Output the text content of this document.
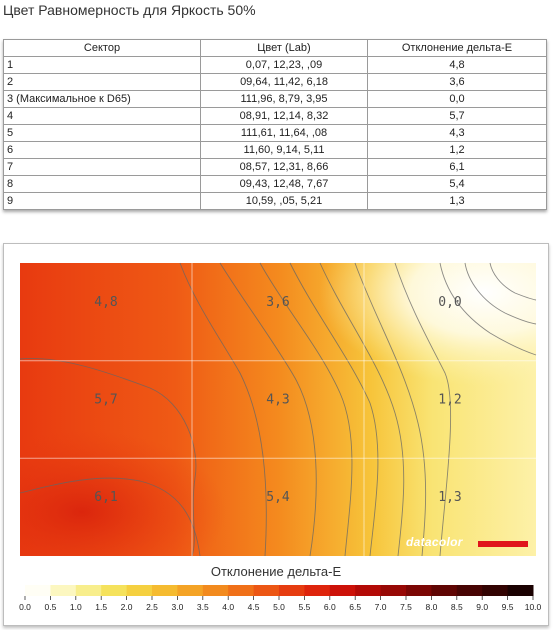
Цвет Равномерность для Яркость 50%
Сектор	Цвет (Lab)	Отклонение дельта-E
1	0,07, 12,23, ,09	4,8
2	09,64, 11,42, 6,18	3,6
3 (Максимальное к D65)	111,96, 8,79, 3,95	0,0
4	08,91, 12,14, 8,32	5,7
5	111,61, 11,64, ,08	4,3
6	11,60, 9,14, 5,11	1,2
7	08,57, 12,31, 8,66	6,1
8	09,43, 12,48, 7,67	5,4
9	10,59, ,05, 5,21	1,3
4,8	3,6	0,0
5,7	4,3	1,2
6,1	5,4	1,3
datacolor
Отклонение дельта-E
0.0 0.5 1.0 1.5 2.0 2.5 3.0 3.5 4.0 4.5 5.0 5.5 6.0 6.5 7.0 7.5 8.0 8.5 9.0 9.5 10.0
